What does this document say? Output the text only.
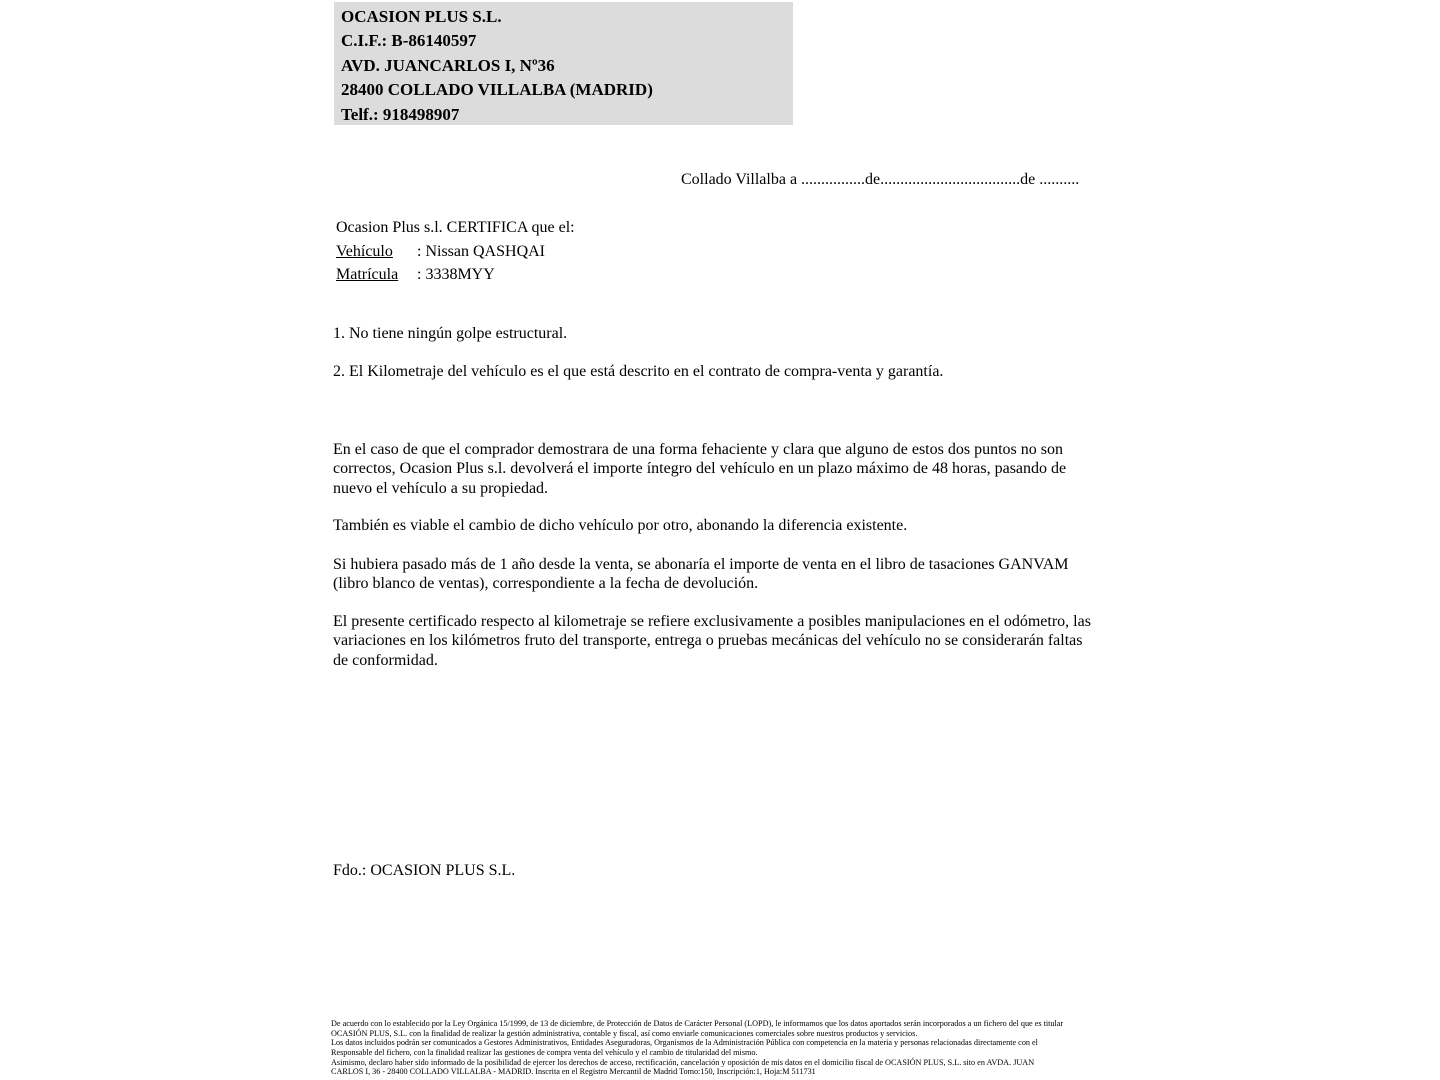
OCASION PLUS S.L.
C.I.F.: B-86140597
AVD. JUANCARLOS I, Nº36
28400 COLLADO VILLALBA (MADRID)
Telf.: 918498907
Collado Villalba a ................de...................................de ..........
Ocasion Plus s.l. CERTIFICA que el:
Vehículo	: Nissan QASHQAI
Matrícula	: 3338MYY
1. No tiene ningún golpe estructural.
2. El Kilometraje del vehículo es el que está descrito en el contrato de compra-venta y garantía.

En el caso de que el comprador demostrara de una forma fehaciente y clara que alguno de estos dos puntos no son correctos, Ocasion Plus s.l. devolverá el importe íntegro del vehículo en un plazo máximo de 48 horas, pasando de nuevo el vehículo a su propiedad.

También es viable el cambio de dicho vehículo por otro, abonando la diferencia existente.

Si hubiera pasado más de 1 año desde la venta, se abonaría el importe de venta en el libro de tasaciones GANVAM (libro blanco de ventas), correspondiente a la fecha de devolución.

El presente certificado respecto al kilometraje se refiere exclusivamente a posibles manipulaciones en el odómetro, las variaciones en los kilómetros fruto del transporte, entrega o pruebas mecánicas del vehículo no se considerarán faltas de conformidad.

Fdo.: OCASION PLUS S.L.
De acuerdo con lo establecido por la Ley Orgánica 15/1999, de 13 de diciembre, de Protección de Datos de Carácter Personal (LOPD), le informamos que los datos aportados serán incorporados a un fichero del que es titular
OCASIÓN PLUS, S.L. con la finalidad de realizar la gestión administrativa, contable y fiscal, así como enviarle comunicaciones comerciales sobre nuestros productos y servicios.
Los datos incluidos podrán ser comunicados a Gestores Administrativos, Entidades Aseguradoras, Organismos de la Administración Pública con competencia en la materia y personas relacionadas directamente con el
Responsable del fichero, con la finalidad realizar las gestiones de compra venta del vehículo y el cambio de titularidad del mismo.
Asimismo, declaro haber sido informado de la posibilidad de ejercer los derechos de acceso, rectificación, cancelación y oposición de mis datos en el domicilio fiscal de OCASIÓN PLUS, S.L. sito en AVDA. JUAN
CARLOS I, 36 - 28400 COLLADO VILLALBA - MADRID. Inscrita en el Registro Mercantil de Madrid Tomo:150, Inscripción:1, Hoja:M 511731
